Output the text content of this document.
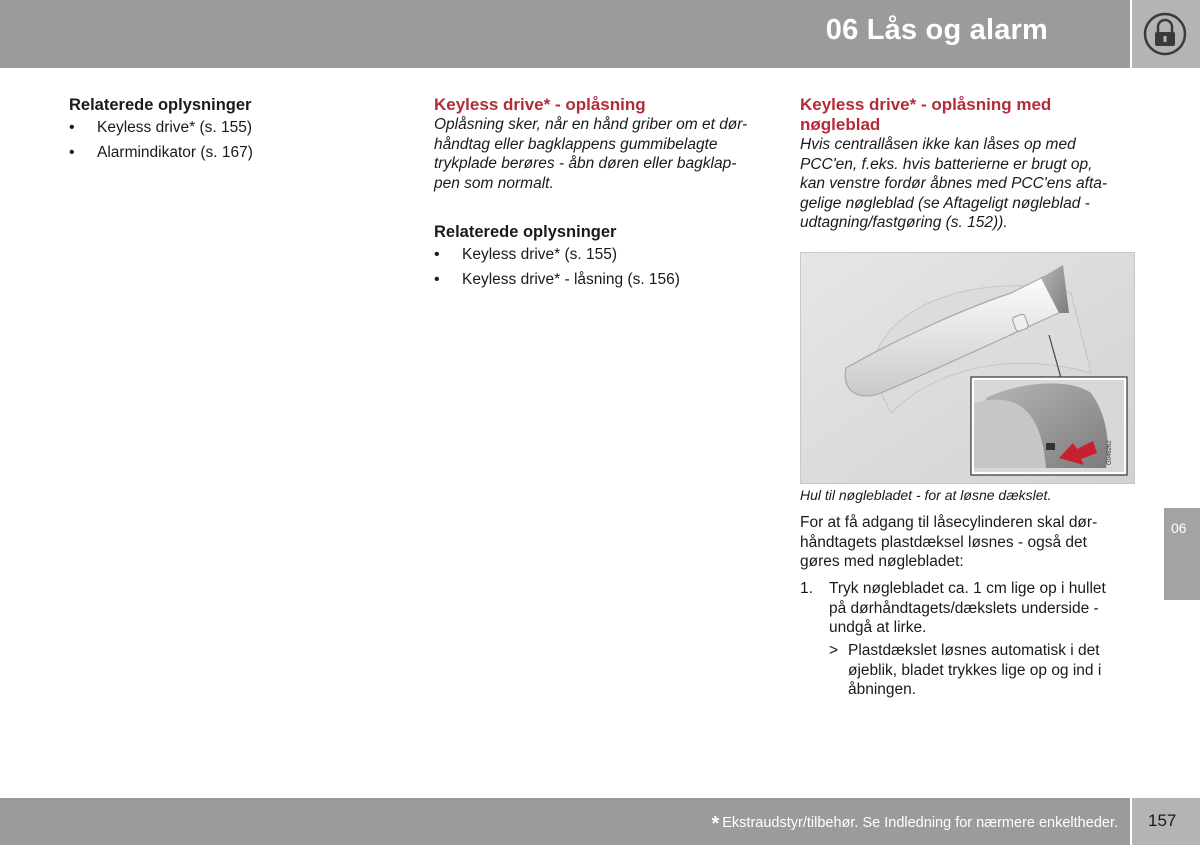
06 Lås og alarm
Relaterede oplysninger
• Keyless drive* (s. 155)
• Alarmindikator (s. 167)
Keyless drive* - oplåsning

Oplåsning sker, når en hånd griber om et dør-
håndtag eller bagklappens gummibelagte
trykplade berøres - åbn døren eller bagklap-
pen som normalt.

Relaterede oplysninger
• Keyless drive* (s. 155)
• Keyless drive* - låsning (s. 156)
Keyless drive* - oplåsning med
nøgleblad

Hvis centrallåsen ikke kan låses op med
PCC'en, f.eks. hvis batterierne er brugt op,
kan venstre fordør åbnes med PCC'ens afta-
gelige nøgleblad (se Aftageligt nøgleblad -
udtagning/fastgøring (s. 152)).

G046262
Hul til nøglebladet - for at løsne dækslet.

For at få adgang til låsecylinderen skal dør-
håndtagets plastdæksel løsnes - også det
gøres med nøglebladet:

1. Tryk nøglebladet ca. 1 cm lige op i hullet
på dørhåndtagets/dækslets underside -
undgå at lirke.

> Plastdækslet løsnes automatisk i det
øjeblik, bladet trykkes lige op og ind i
åbningen.

06
* Ekstraudstyr/tilbehør. Se Indledning for nærmere enkeltheder. 157
